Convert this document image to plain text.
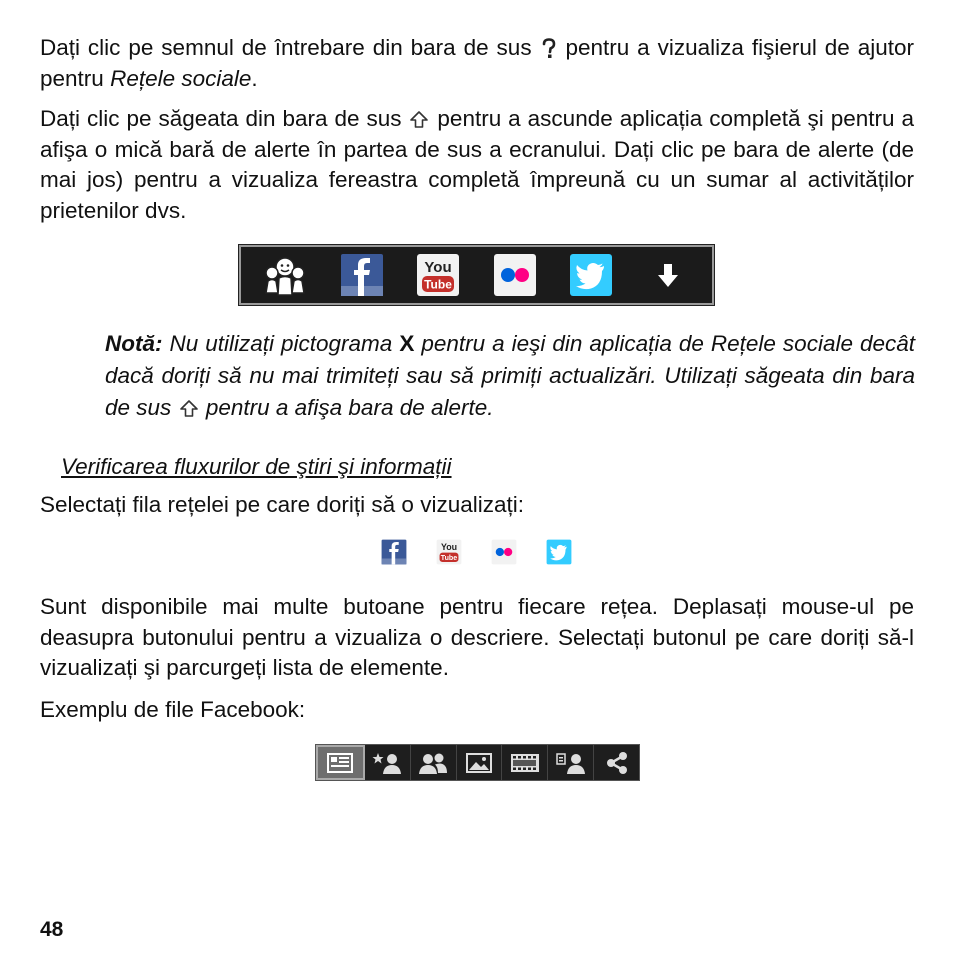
Dați clic pe semnul de întrebare din bara de sus pentru a vizualiza fişierul de ajutor pentru Rețele sociale.

Dați clic pe săgeata din bara de sus pentru a ascunde aplicația completă şi pentru a afişa o mică bară de alerte în partea de sus a ecranului. Dați clic pe bara de alerte (de mai jos) pentru a vizualiza fereastra completă împreună cu un sumar al activităților prietenilor dvs.

You
Tube

Notă: Nu utilizați pictograma X pentru a ieşi din aplicația de Rețele sociale decât dacă doriți să nu mai trimiteți sau să primiți actualizări. Utilizați săgeata din bara de sus pentru a afişa bara de alerte.

Verificarea fluxurilor de ştiri şi informații

Selectați fila rețelei pe care doriți să o vizualizați:

You
Tube

Sunt disponibile mai multe butoane pentru fiecare rețea. Deplasați mouse-ul pe deasupra butonului pentru a vizualiza o descriere. Selectați butonul pe care doriți să-l vizualizați şi parcurgeți lista de elemente.

Exemplu de file Facebook:

48
